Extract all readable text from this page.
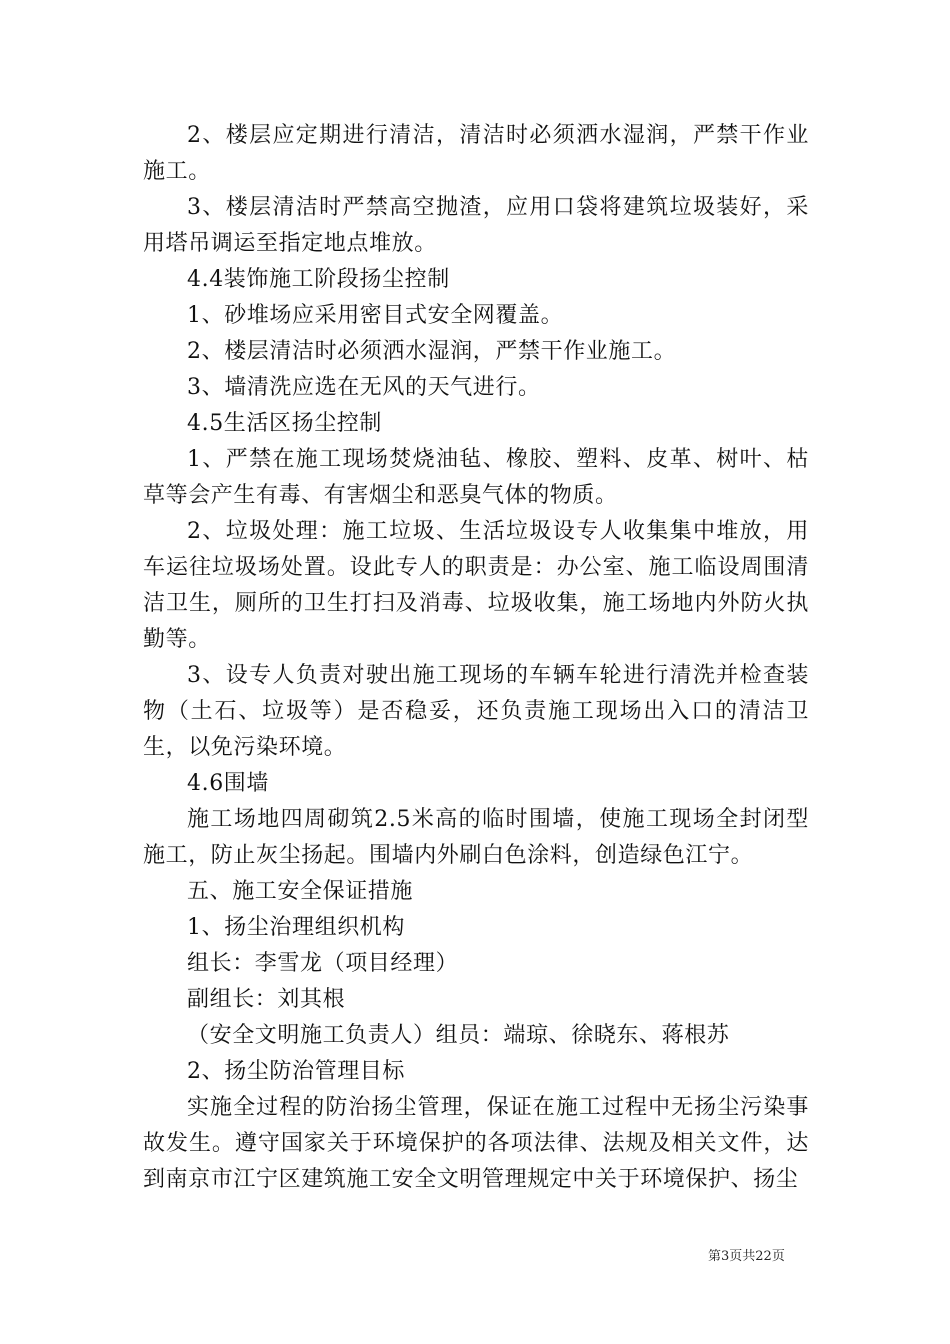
2、楼层应定期进行清洁，清洁时必须洒水湿润，严禁干作业施工。

3、楼层清洁时严禁高空抛渣，应用口袋将建筑垃圾装好，采用塔吊调运至指定地点堆放。

4.4装饰施工阶段扬尘控制

1、砂堆场应采用密目式安全网覆盖。

2、楼层清洁时必须洒水湿润，严禁干作业施工。

3、墙清洗应选在无风的天气进行。

4.5生活区扬尘控制

1、严禁在施工现场焚烧油毡、橡胶、塑料、皮革、树叶、枯草等会产生有毒、有害烟尘和恶臭气体的物质。

2、垃圾处理：施工垃圾、生活垃圾设专人收集集中堆放，用车运往垃圾场处置。设此专人的职责是：办公室、施工临设周围清洁卫生，厕所的卫生打扫及消毒、垃圾收集，施工场地内外防火执勤等。

3、设专人负责对驶出施工现场的车辆车轮进行清洗并检查装物（土石、垃圾等）是否稳妥，还负责施工现场出入口的清洁卫生，以免污染环境。

4.6围墙

施工场地四周砌筑2.5米高的临时围墙，使施工现场全封闭型施工，防止灰尘扬起。围墙内外刷白色涂料，创造绿色江宁。

五、施工安全保证措施

1、扬尘治理组织机构

组长：李雪龙（项目经理）

副组长：刘其根

（安全文明施工负责人）组员：端琼、徐晓东、蒋根苏

2、扬尘防治管理目标

实施全过程的防治扬尘管理，保证在施工过程中无扬尘污染事故发生。遵守国家关于环境保护的各项法律、法规及相关文件，达到南京市江宁区建筑施工安全文明管理规定中关于环境保护、扬尘

第3页共22页
